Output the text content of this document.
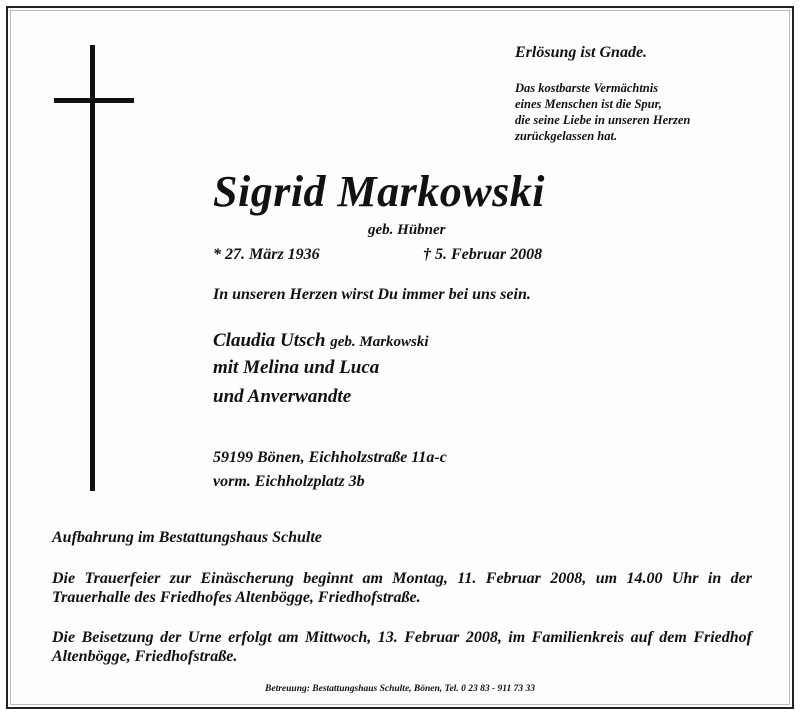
Erlösung ist Gnade.
Das kostbarste Vermächtnis
eines Menschen ist die Spur,
die seine Liebe in unseren Herzen
zurückgelassen hat.
Sigrid Markowski
geb. Hübner
* 27. März 1936	† 5. Februar 2008
In unseren Herzen wirst Du immer bei uns sein.
Claudia Utsch geb. Markowski
mit Melina und Luca
und Anverwandte
59199 Bönen, Eichholzstraße 11a-c
vorm. Eichholzplatz 3b
Aufbahrung im Bestattungshaus Schulte
Die Trauerfeier zur Einäscherung beginnt am Montag, 11. Februar 2008, um 14.00 Uhr in der Trauerhalle des Friedhofes Altenbögge, Friedhofstraße.
Die Beisetzung der Urne erfolgt am Mittwoch, 13. Februar 2008, im Familienkreis auf dem Friedhof Altenbögge, Friedhofstraße.
Betreuung: Bestattungshaus Schulte, Bönen, Tel. 0 23 83 - 911 73 33
